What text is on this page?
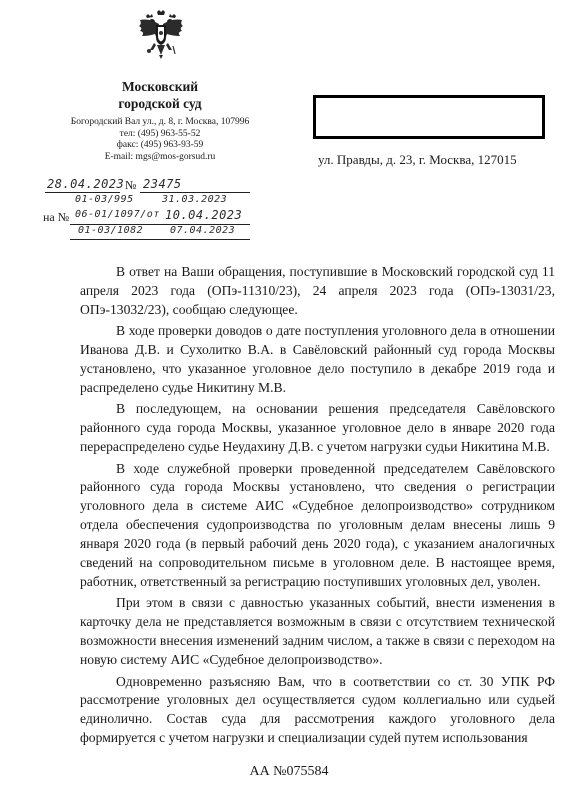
Московский
городской суд
Богородский Вал ул., д. 8, г. Москва, 107996
тел: (495) 963-55-52
факс: (495) 963-93-59
E-mail: mgs@mos-gorsud.ru	ул. Правды, д. 23, г. Москва, 127015
28.04.2023 № 23475
01-03/995	31.03.2023
на № 06-01/1097/от 10.04.2023
01-03/1082	07.04.2023

В ответ на Ваши обращения, поступившие в Московский городской суд 11 апреля 2023 года (ОПэ-11310/23), 24 апреля 2023 года (ОПэ-13031/23, ОПэ-13032/23), сообщаю следующее.

В ходе проверки доводов о дате поступления уголовного дела в отношении Иванова Д.В. и Сухолитко В.А. в Савёловский районный суд города Москвы установлено, что указанное уголовное дело поступило в декабре 2019 года и распределено судье Никитину М.В.

В последующем, на основании решения председателя Савёловского районного суда города Москвы, указанное уголовное дело в январе 2020 года перераспределено судье Неудахину Д.В. с учетом нагрузки судьи Никитина М.В.

В ходе служебной проверки проведенной председателем Савёловского районного суда города Москвы установлено, что сведения о регистрации уголовного дела в системе АИС «Судебное делопроизводство» сотрудником отдела обеспечения судопроизводства по уголовным делам внесены лишь 9 января 2020 года (в первый рабочий день 2020 года), с указанием аналогичных сведений на сопроводительном письме в уголовном деле. В настоящее время, работник, ответственный за регистрацию поступивших уголовных дел, уволен.

При этом в связи с давностью указанных событий, внести изменения в карточку дела не представляется возможным в связи с отсутствием технической возможности внесения изменений задним числом, а также в связи с переходом на новую систему АИС «Судебное делопроизводство».

Одновременно разъясняю Вам, что в соответствии со ст. 30 УПК РФ рассмотрение уголовных дел осуществляется судом коллегиально или судьей единолично. Состав суда для рассмотрения каждого уголовного дела формируется с учетом нагрузки и специализации судей путем использования

АА №075584
